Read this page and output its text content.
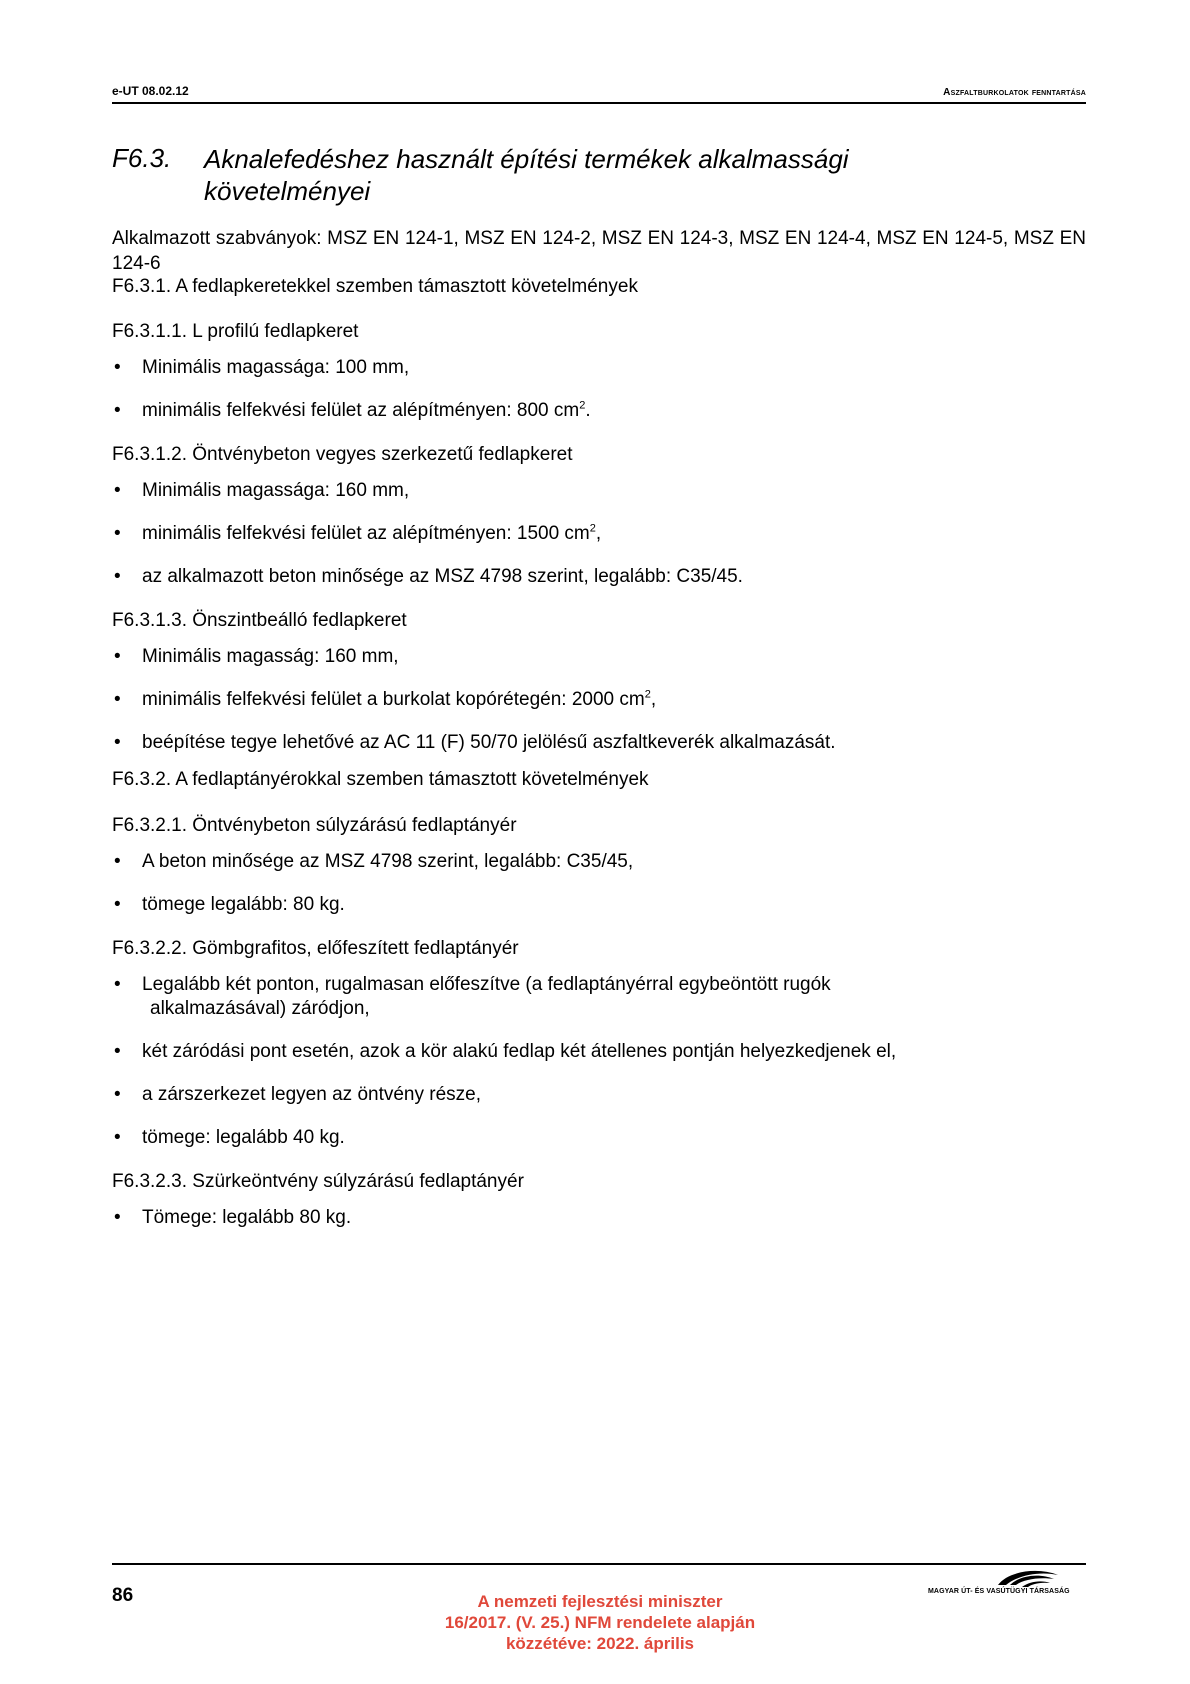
e-UT 08.02.12	Aszfaltburkolatok fenntartása
F6.3. Aknalefedéshez használt építési termékek alkalmassági követelményei
Alkalmazott szabványok: MSZ EN 124-1, MSZ EN 124-2, MSZ EN 124-3, MSZ EN 124-4, MSZ EN 124-5, MSZ EN 124-6
F6.3.1. A fedlapkeretekkel szemben támasztott követelmények
F6.3.1.1. L profilú fedlapkeret
• Minimális magassága: 100 mm,
• minimális felfekvési felület az alépítményen: 800 $cm^2$.
F6.3.1.2. Öntvénybeton vegyes szerkezetű fedlapkeret
• Minimális magassága: 160 mm,
• minimális felfekvési felület az alépítményen: 1500 $cm^2$,
• az alkalmazott beton minősége az MSZ 4798 szerint, legalább: C35/45.
F6.3.1.3. Önszintbeálló fedlapkeret
• Minimális magasság: 160 mm,
• minimális felfekvési felület a burkolat kopórétegén: 2000 $cm^2$,
• beépítése tegye lehetővé az AC 11 (F) 50/70 jelölésű aszfaltkeverék alkalmazását.
F6.3.2. A fedlaptányérokkal szemben támasztott követelmények
F6.3.2.1. Öntvénybeton súlyzárású fedlaptányér
• A beton minősége az MSZ 4798 szerint, legalább: C35/45,
• tömege legalább: 80 kg.
F6.3.2.2. Gömbgrafitos, előfeszített fedlaptányér
• Legalább két ponton, rugalmasan előfeszítve (a fedlaptányérral egybeöntött rugók
alkalmazásával) záródjon,
• két záródási pont esetén, azok a kör alakú fedlap két átellenes pontján helyezkedjenek el,
• a zárszerkezet legyen az öntvény része,
• tömege: legalább 40 kg.
F6.3.2.3. Szürkeöntvény súlyzárású fedlaptányér
• Tömege: legalább 80 kg.
86	MAGYAR ÚT- ÉS VASÚTÜGYI TÁRSASÁG
A nemzeti fejlesztési miniszter
16/2017. (V. 25.) NFM rendelete alapján
közzétéve: 2022. április
